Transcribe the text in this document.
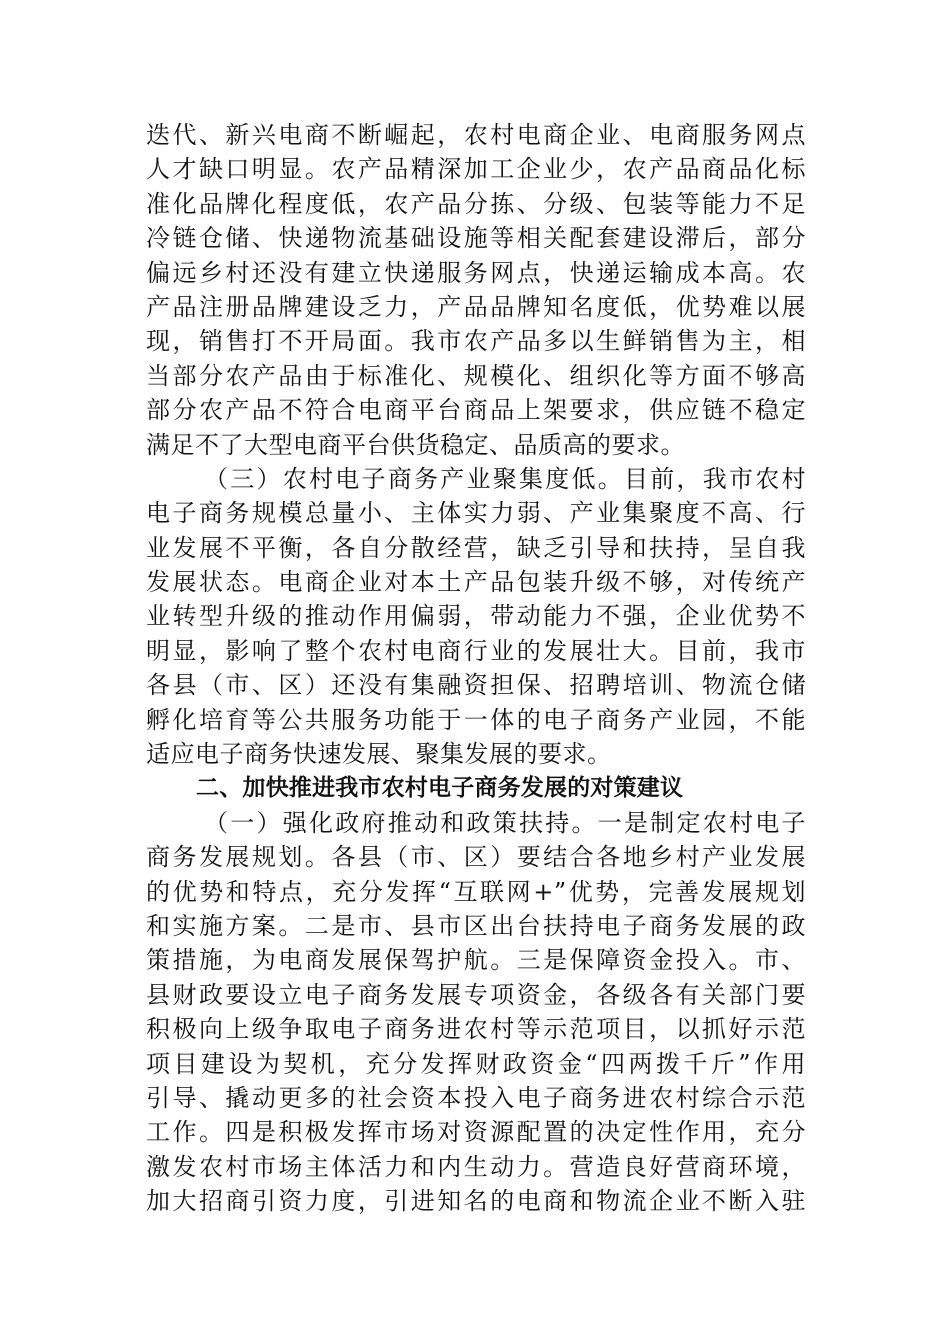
迭代、新兴电商不断崛起，农村电商企业、电商服务网点
人才缺口明显。农产品精深加工企业少，农产品商品化标
准化品牌化程度低，农产品分拣、分级、包装等能力不足
冷链仓储、快递物流基础设施等相关配套建设滞后，部分
偏远乡村还没有建立快递服务网点，快递运输成本高。农
产品注册品牌建设乏力，产品品牌知名度低，优势难以展
现，销售打不开局面。我市农产品多以生鲜销售为主，相
当部分农产品由于标准化、规模化、组织化等方面不够高
部分农产品不符合电商平台商品上架要求，供应链不稳定
满足不了大型电商平台供货稳定、品质高的要求。
（三）农村电子商务产业聚集度低。目前，我市农村
电子商务规模总量小、主体实力弱、产业集聚度不高、行
业发展不平衡，各自分散经营，缺乏引导和扶持，呈自我
发展状态。电商企业对本土产品包装升级不够，对传统产
业转型升级的推动作用偏弱，带动能力不强，企业优势不
明显，影响了整个农村电商行业的发展壮大。目前，我市
各县（市、区）还没有集融资担保、招聘培训、物流仓储
孵化培育等公共服务功能于一体的电子商务产业园，不能
适应电子商务快速发展、聚集发展的要求。
二、加快推进我市农村电子商务发展的对策建议
（一）强化政府推动和政策扶持。一是制定农村电子
商务发展规划。各县（市、区）要结合各地乡村产业发展
的优势和特点，充分发挥“互联网+”优势，完善发展规划
和实施方案。二是市、县市区出台扶持电子商务发展的政
策措施，为电商发展保驾护航。三是保障资金投入。市、
县财政要设立电子商务发展专项资金，各级各有关部门要
积极向上级争取电子商务进农村等示范项目，以抓好示范
项目建设为契机，充分发挥财政资金“四两拨千斤”作用
引导、撬动更多的社会资本投入电子商务进农村综合示范
工作。四是积极发挥市场对资源配置的决定性作用，充分
激发农村市场主体活力和内生动力。营造良好营商环境，
加大招商引资力度，引进知名的电商和物流企业不断入驻
